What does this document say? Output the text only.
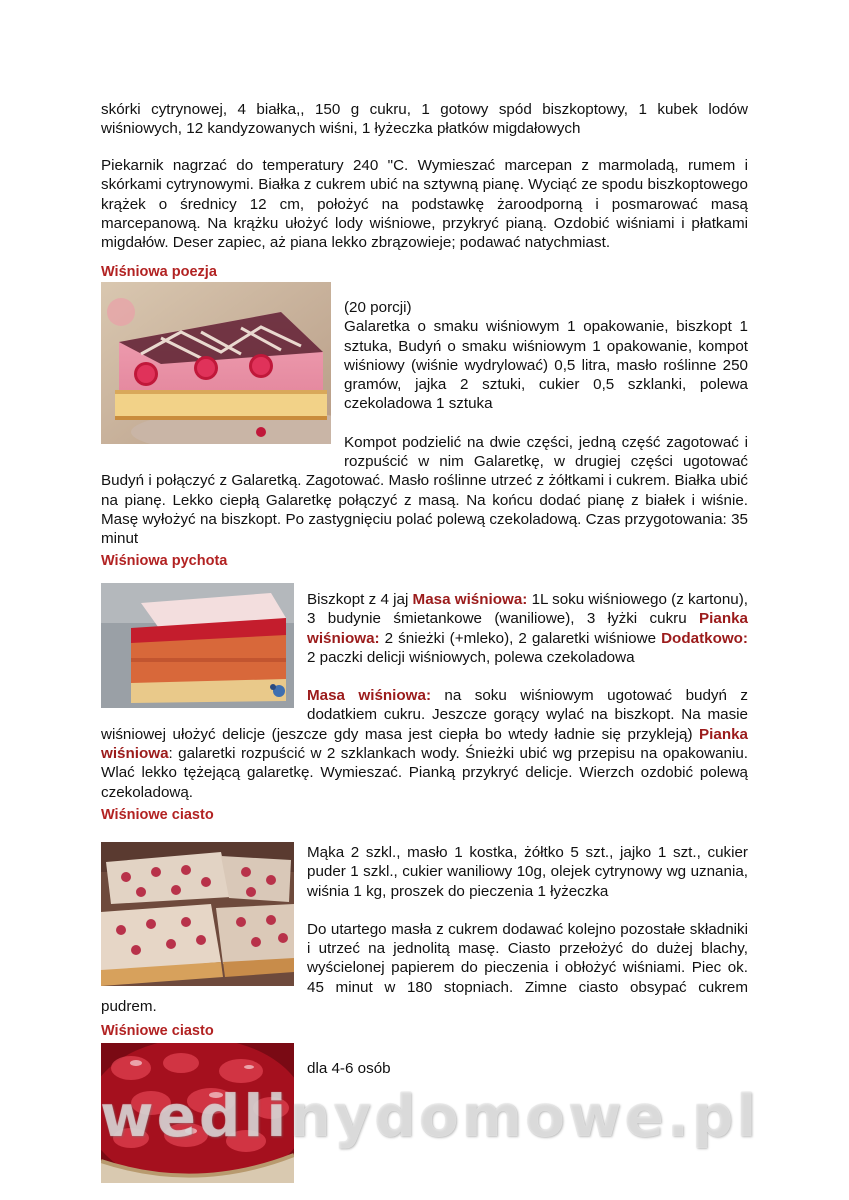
skórki cytrynowej, 4 białka,, 150 g cukru, 1 gotowy spód biszkoptowy, 1 kubek lodów wiśniowych, 12 kandyzowanych wiśni, 1 łyżeczka płatków migdałowych

Piekarnik nagrzać do temperatury 240 "C. Wymieszać marcepan z marmoladą, rumem i skórkami cytrynowymi. Białka z cukrem ubić na sztywną pianę. Wyciąć ze spodu biszkoptowego krążek o średnicy 12 cm, położyć na podstawkę żaroodporną i posmarować masą marcepanową. Na krążku ułożyć lody wiśniowe, przykryć pianą. Ozdobić wiśniami i płatkami migdałów. Deser zapiec, aż piana lekko zbrązowieje; podawać natychmiast.

Wiśniowa poezja

(20 porcji)

Galaretka o smaku wiśniowym 1 opakowanie, biszkopt 1 sztuka, Budyń o smaku wiśniowym 1 opakowanie, kompot wiśniowy (wiśnie wydrylować) 0,5 litra, masło roślinne 250 gramów, jajka 2 sztuki, cukier 0,5 szklanki, polewa czekoladowa 1 sztuka

Kompot podzielić na dwie części, jedną część zagotować i rozpuścić w nim Galaretkę, w drugiej części ugotować Budyń i połączyć z Galaretką. Zagotować. Masło roślinne utrzeć z żółtkami i cukrem. Białka ubić na pianę. Lekko ciepłą Galaretkę połączyć z masą. Na końcu dodać pianę z białek i wiśnie. Masę wyłożyć na biszkopt. Po zastygnięciu polać polewą czekoladową. Czas przygotowania: 35 minut

Wiśniowa pychota

Biszkopt z 4 jaj Masa wiśniowa: 1L soku wiśniowego (z kartonu), 3 budynie śmietankowe (waniliowe), 3 łyżki cukru Pianka wiśniowa: 2 śnieżki (+mleko), 2 galaretki wiśniowe Dodatkowo: 2 paczki delicji wiśniowych, polewa czekoladowa

Masa wiśniowa: na soku wiśniowym ugotować budyń z dodatkiem cukru. Jeszcze gorący wylać na biszkopt. Na masie wiśniowej ułożyć delicje (jeszcze gdy masa jest ciepła bo wtedy ładnie się przykleją) Pianka wiśniowa: galaretki rozpuścić w 2 szklankach wody. Śnieżki ubić wg przepisu na opakowaniu. Wlać lekko tężejącą galaretkę. Wymieszać. Pianką przykryć delicje. Wierzch ozdobić polewą czekoladową.

Wiśniowe ciasto

Mąka 2 szkl., masło 1 kostka, żółtko 5 szt., jajko 1 szt., cukier puder 1 szkl., cukier waniliowy 10g, olejek cytrynowy wg uznania, wiśnia 1 kg, proszek do pieczenia 1 łyżeczka

Do utartego masła z cukrem dodawać kolejno pozostałe składniki i utrzeć na jednolitą masę. Ciasto przełożyć do dużej blachy, wyścielonej papierem do pieczenia i obłożyć wiśniami. Piec ok. 45 minut w 180 stopniach. Zimne ciasto obsypać cukrem pudrem.

Wiśniowe ciasto

dla 4-6 osób

wedlinydomowe.pl
